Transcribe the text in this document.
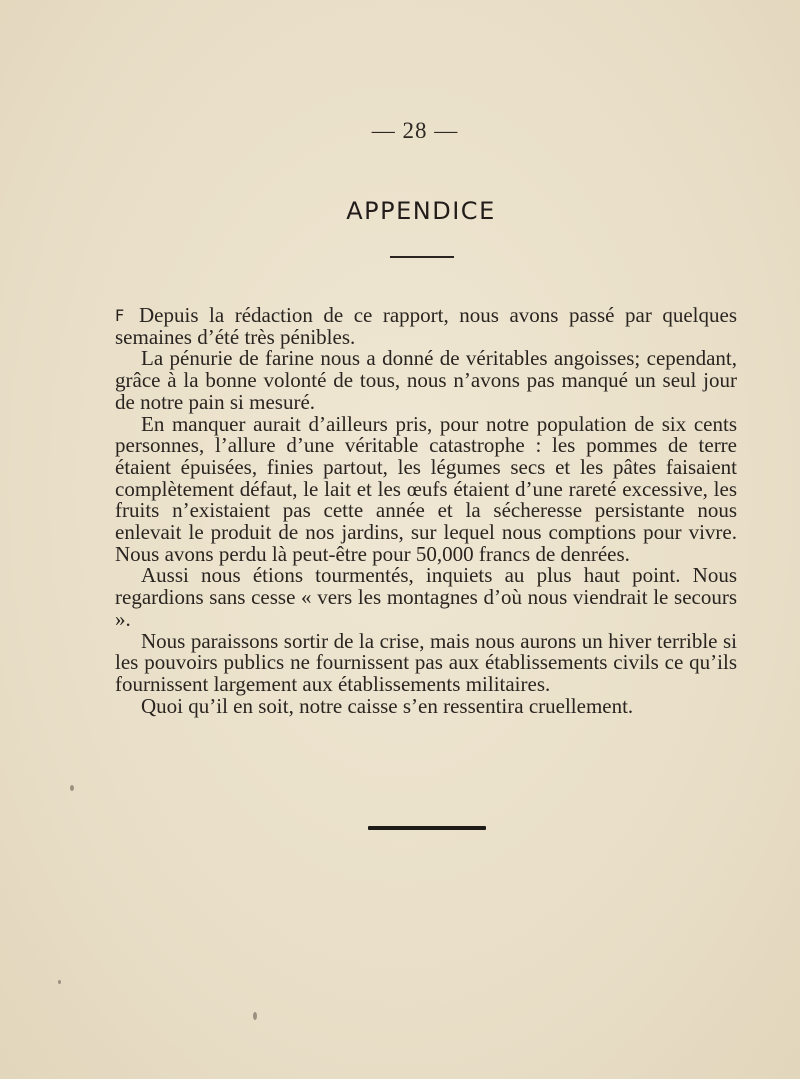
— 28 —
APPENDICE

F Depuis la rédaction de ce rapport, nous avons passé par quelques semaines d’été très pénibles.

La pénurie de farine nous a donné de véritables angoisses; cependant, grâce à la bonne volonté de tous, nous n’avons pas manqué un seul jour de notre pain si mesuré.

En manquer aurait d’ailleurs pris, pour notre population de six cents personnes, l’allure d’une véritable catastrophe : les pommes de terre étaient épuisées, finies partout, les légumes secs et les pâtes faisaient complètement défaut, le lait et les œufs étaient d’une rareté excessive, les fruits n’existaient pas cette année et la sécheresse persistante nous enlevait le produit de nos jardins, sur lequel nous comptions pour vivre. Nous avons perdu là peut-être pour 50,000 francs de denrées.

Aussi nous étions tourmentés, inquiets au plus haut point. Nous regardions sans cesse « vers les montagnes d’où nous viendrait le secours ».

Nous paraissons sortir de la crise, mais nous aurons un hiver terrible si les pouvoirs publics ne fournissent pas aux établissements civils ce qu’ils fournissent largement aux établissements militaires.

Quoi qu’il en soit, notre caisse s’en ressentira cruellement.
